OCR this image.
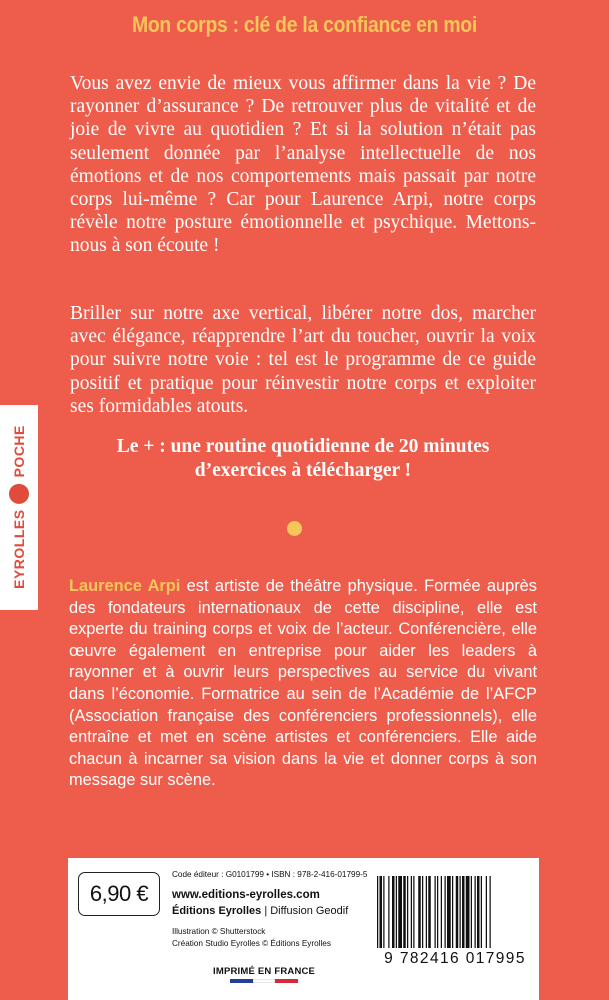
Mon corps : clé de la confiance en moi

Vous avez envie de mieux vous affirmer dans la vie ? De rayonner d’assurance ? De retrouver plus de vitalité et de joie de vivre au quotidien ? Et si la solution n’était pas seulement donnée par l’analyse intellectuelle de nos émotions et de nos comportements mais passait par notre corps lui-même ? Car pour Laurence Arpi, notre corps révèle notre posture émotionnelle et psychique. Mettons-nous à son écoute !

Briller sur notre axe vertical, libérer notre dos, marcher avec élégance, réapprendre l’art du toucher, ouvrir la voix pour suivre notre voie : tel est le programme de ce guide positif et pratique pour réinvestir notre corps et exploiter ses formidables atouts.

Le + : une routine quotidienne de 20 minutes
d’exercices à télécharger !

EYROLLES
POCHE

Laurence Arpi est artiste de théâtre physique. Formée auprès des fondateurs internationaux de cette discipline, elle est experte du training corps et voix de l’acteur. Conférencière, elle œuvre également en entreprise pour aider les leaders à rayonner et à ouvrir leurs perspectives au service du vivant dans l’économie. Formatrice au sein de l’Académie de l’AFCP (Association française des conférenciers professionnels), elle entraîne et met en scène artistes et conférenciers. Elle aide chacun à incarner sa vision dans la vie et donner corps à son message sur scène.

6,90 €
Code éditeur : G0101799 • ISBN : 978-2-416-01799-5
www.editions-eyrolles.com
Éditions Eyrolles | Diffusion Geodif
Illustration © Shutterstock
Création Studio Eyrolles © Éditions Eyrolles
IMPRIMÉ EN FRANCE
9 782416 017995
